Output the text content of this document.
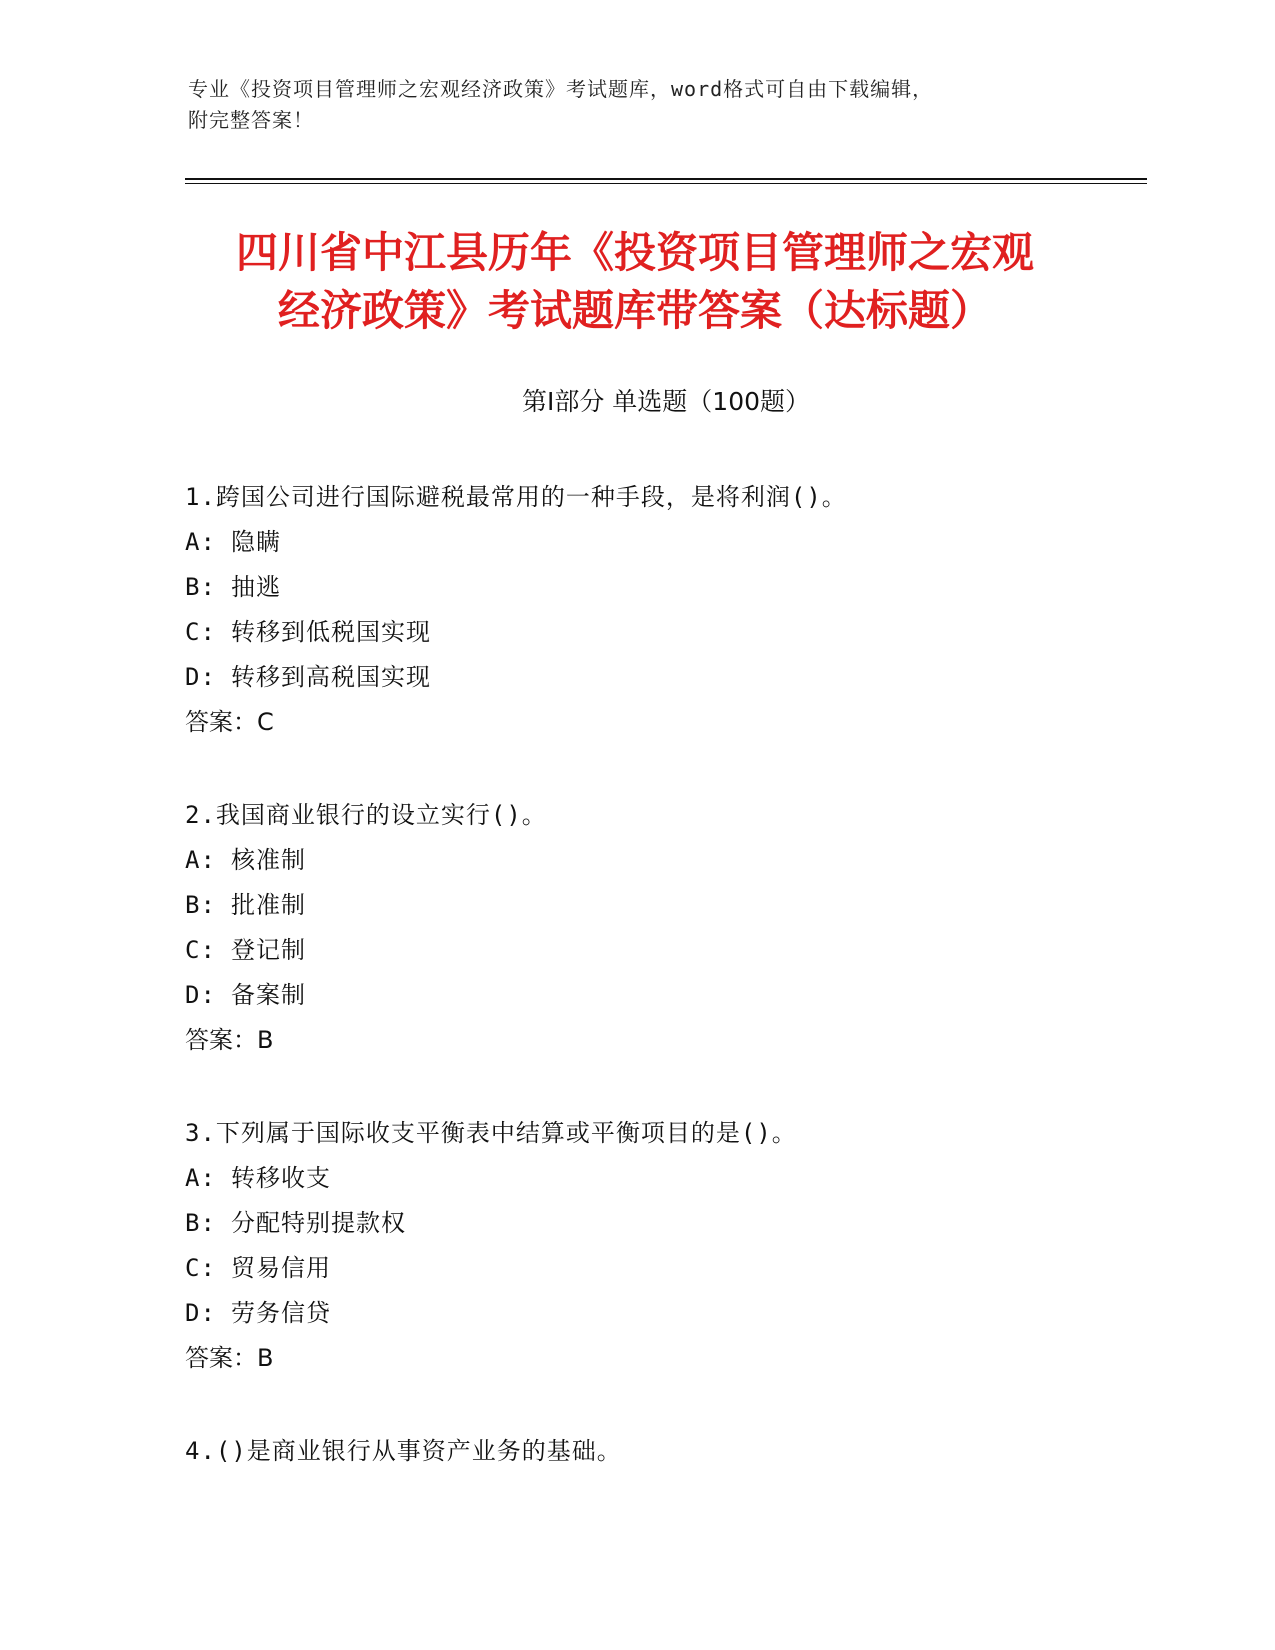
专业《投资项目管理师之宏观经济政策》考试题库，word格式可自由下载编辑，
附完整答案！
四川省中江县历年《投资项目管理师之宏观
经济政策》考试题库带答案（达标题）
第Ⅰ部分 单选题（100题）
1.跨国公司进行国际避税最常用的一种手段，是将利润()。
A: 隐瞒
B: 抽逃
C: 转移到低税国实现
D: 转移到高税国实现
答案：C
2.我国商业银行的设立实行()。
A: 核准制
B: 批准制
C: 登记制
D: 备案制
答案：B
3.下列属于国际收支平衡表中结算或平衡项目的是()。
A: 转移收支
B: 分配特别提款权
C: 贸易信用
D: 劳务信贷
答案：B
4.()是商业银行从事资产业务的基础。
